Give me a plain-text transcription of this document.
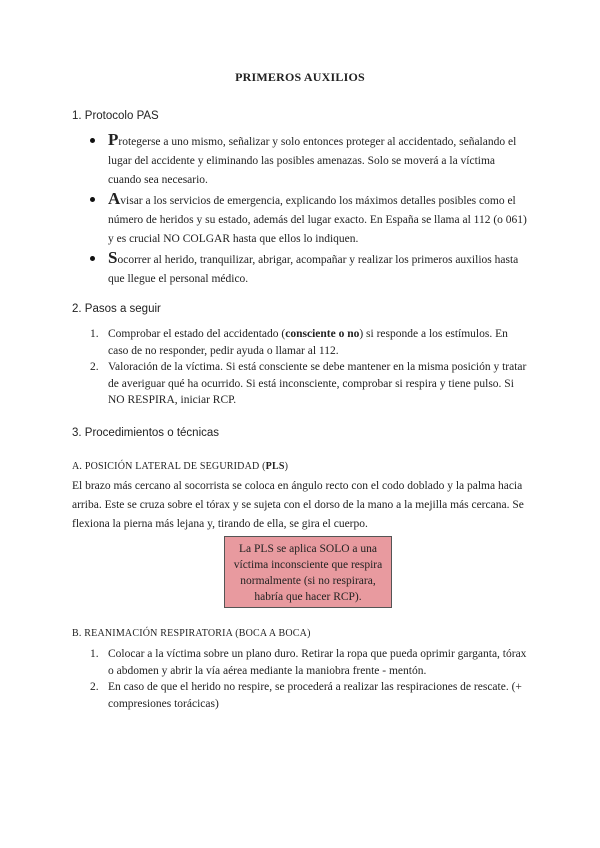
PRIMEROS AUXILIOS
1. Protocolo PAS
Protegerse a uno mismo, señalizar y solo entonces proteger al accidentado, señalando el lugar del accidente y eliminando las posibles amenazas. Solo se moverá a la víctima cuando sea necesario.
Avisar a los servicios de emergencia, explicando los máximos detalles posibles como el número de heridos y su estado, además del lugar exacto. En España se llama al 112 (o 061) y es crucial NO COLGAR hasta que ellos lo indiquen.
Socorrer al herido, tranquilizar, abrigar, acompañar y realizar los primeros auxilios hasta que llegue el personal médico.
2. Pasos a seguir
1. Comprobar el estado del accidentado (consciente o no) si responde a los estímulos. En caso de no responder, pedir ayuda o llamar al 112.
2. Valoración de la víctima. Si está consciente se debe mantener en la misma posición y tratar de averiguar qué ha ocurrido. Si está inconsciente, comprobar si respira y tiene pulso. Si NO RESPIRA, iniciar RCP.
3. Procedimientos o técnicas
A. POSICIÓN LATERAL DE SEGURIDAD (PLS)
El brazo más cercano al socorrista se coloca en ángulo recto con el codo doblado y la palma hacia arriba. Este se cruza sobre el tórax y se sujeta con el dorso de la mano a la mejilla más cercana. Se flexiona la pierna más lejana y, tirando de ella, se gira el cuerpo.
La PLS se aplica SOLO a una víctima inconsciente que respira normalmente (si no respirara, habría que hacer RCP).
B. REANIMACIÓN RESPIRATORIA (BOCA A BOCA)
1. Colocar a la víctima sobre un plano duro. Retirar la ropa que pueda oprimir garganta, tórax o abdomen y abrir la vía aérea mediante la maniobra frente - mentón.
2. En caso de que el herido no respire, se procederá a realizar las respiraciones de rescate. (+ compresiones torácicas)
